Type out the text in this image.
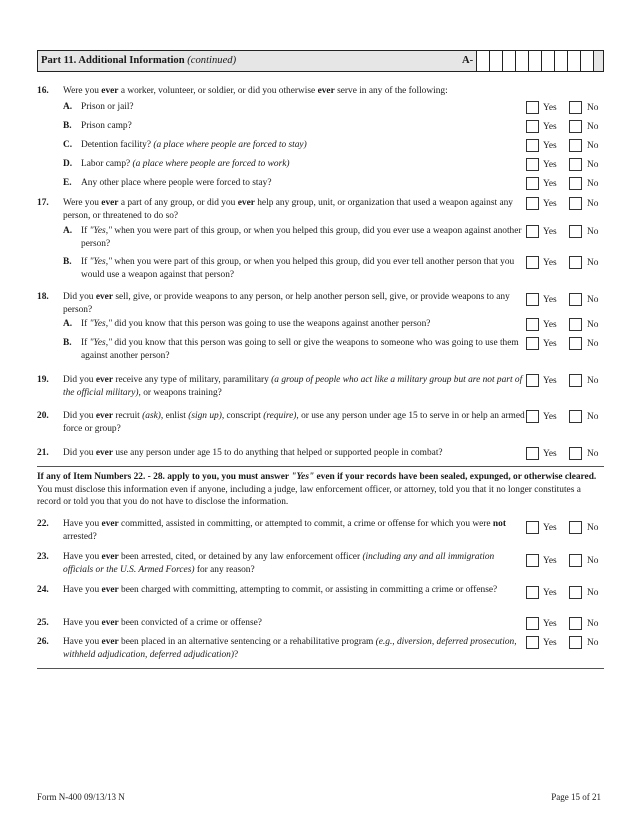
Part 11. Additional Information (continued)	A-
16. Were you ever a worker, volunteer, or soldier, or did you otherwise ever serve in any of the following:
A. Prison or jail?	Yes	No
B. Prison camp?	Yes	No
C. Detention facility? (a place where people are forced to stay)	Yes	No
D. Labor camp? (a place where people are forced to work)	Yes	No
E. Any other place where people were forced to stay?	Yes	No
17. Were you ever a part of any group, or did you ever help any group, unit, or organization that used a weapon against any person, or threatened to do so?
Yes	No
A. If "Yes," when you were part of this group, or when you helped this group, did you ever use a weapon against another person?
Yes	No
B. If "Yes," when you were part of this group, or when you helped this group, did you ever tell another person that you would use a weapon against that person?
Yes	No
18. Did you ever sell, give, or provide weapons to any person, or help another person sell, give, or provide weapons to any person?
Yes	No
A. If "Yes," did you know that this person was going to use the weapons against another person?	Yes	No
B. If "Yes," did you know that this person was going to sell or give the weapons to someone who was going to use them against another person?
Yes	No
19. Did you ever receive any type of military, paramilitary (a group of people who act like a military group but are not part of the official military), or weapons training?
Yes	No
20. Did you ever recruit (ask), enlist (sign up), conscript (require), or use any person under age 15 to serve in or help an armed force or group?
Yes	No
21. Did you ever use any person under age 15 to do anything that helped or supported people in combat?	Yes	No
If any of Item Numbers 22. - 28. apply to you, you must answer "Yes" even if your records have been sealed, expunged, or otherwise cleared. You must disclose this information even if anyone, including a judge, law enforcement officer, or attorney, told you that it no longer constitutes a record or told you that you do not have to disclose the information.
22. Have you ever committed, assisted in committing, or attempted to commit, a crime or offense for which you were not arrested?
Yes	No
23. Have you ever been arrested, cited, or detained by any law enforcement officer (including any and all immigration officials or the U.S. Armed Forces) for any reason?
Yes	No
24. Have you ever been charged with committing, attempting to commit, or assisting in committing a crime or offense?	Yes	No
25. Have you ever been convicted of a crime or offense?	Yes	No
26. Have you ever been placed in an alternative sentencing or a rehabilitative program (e.g., diversion, deferred prosecution, withheld adjudication, deferred adjudication)?
Yes	No
Form N-400 09/13/13 N	Page 15 of 21
